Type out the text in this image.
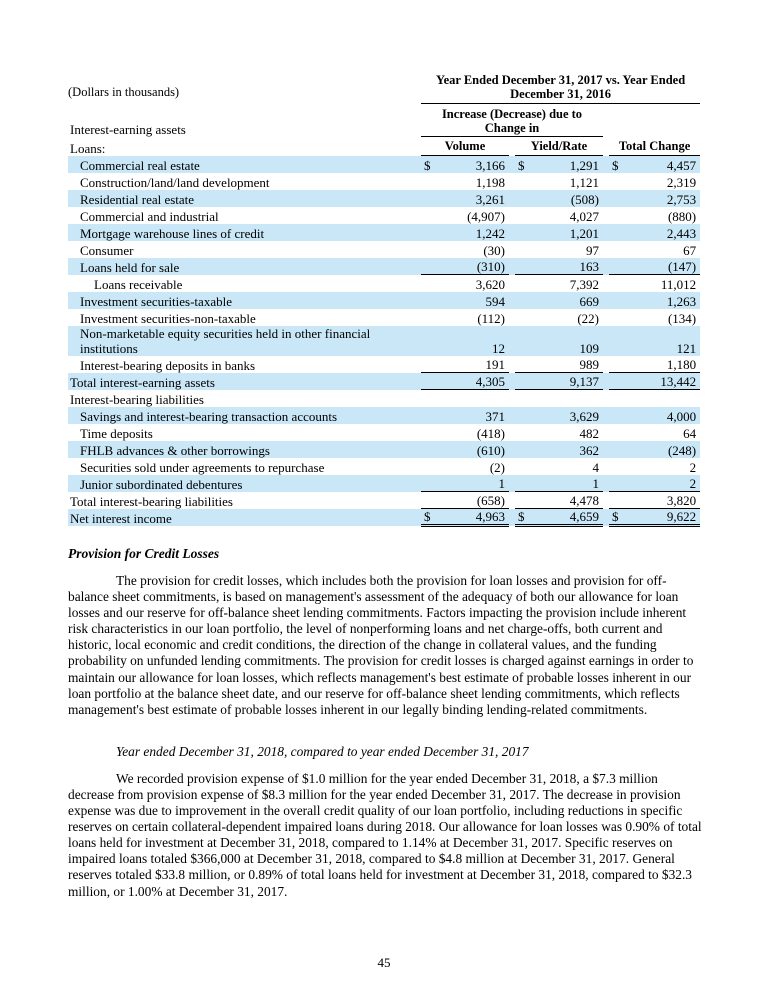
(Dollars in thousands)	Year Ended December 31, 2017 vs. Year Ended December 31, 2016							
Interest-earning assets	Increase (Decrease) due to Change in							
Loans:	Volume			Yield/Rate			Total Change	
Commercial real estate	$	3,166		$	1,291		$	4,457
Construction/land/land development		1,198			1,121			2,319
Residential real estate		3,261			(508)			2,753
Commercial and industrial		(4,907)			4,027			(880)
Mortgage warehouse lines of credit		1,242			1,201			2,443
Consumer		(30)			97			67
Loans held for sale		(310)			163			(147)
Loans receivable		3,620			7,392			11,012
Investment securities-taxable		594			669			1,263
Investment securities-non-taxable		(112)			(22)			(134)
Non-marketable equity securities held in other financial institutions		12			109			121
Interest-bearing deposits in banks		191			989			1,180
Total interest-earning assets		4,305			9,137			13,442
Interest-bearing liabilities								
Savings and interest-bearing transaction accounts		371			3,629			4,000
Time deposits		(418)			482			64
FHLB advances & other borrowings		(610)			362			(248)
Securities sold under agreements to repurchase		(2)			4			2
Junior subordinated debentures		1			1			2
Total interest-bearing liabilities		(658)			4,478			3,820
Net interest income	$	4,963		$	4,659		$	9,622
Provision for Credit Losses

The provision for credit losses, which includes both the provision for loan losses and provision for off-balance sheet commitments, is based on management's assessment of the adequacy of both our allowance for loan losses and our reserve for off-balance sheet lending commitments. Factors impacting the provision include inherent risk characteristics in our loan portfolio, the level of nonperforming loans and net charge-offs, both current and historic, local economic and credit conditions, the direction of the change in collateral values, and the funding probability on unfunded lending commitments. The provision for credit losses is charged against earnings in order to maintain our allowance for loan losses, which reflects management's best estimate of probable losses inherent in our loan portfolio at the balance sheet date, and our reserve for off-balance sheet lending commitments, which reflects management's best estimate of probable losses inherent in our legally binding lending-related commitments.

Year ended December 31, 2018, compared to year ended December 31, 2017

We recorded provision expense of $1.0 million for the year ended December 31, 2018, a $7.3 million decrease from provision expense of $8.3 million for the year ended December 31, 2017. The decrease in provision expense was due to improvement in the overall credit quality of our loan portfolio, including reductions in specific reserves on certain collateral-dependent impaired loans during 2018. Our allowance for loan losses was 0.90% of total loans held for investment at December 31, 2018, compared to 1.14% at December 31, 2017. Specific reserves on impaired loans totaled $366,000 at December 31, 2018, compared to $4.8 million at December 31, 2017. General reserves totaled $33.8 million, or 0.89% of total loans held for investment at December 31, 2018, compared to $32.3 million, or 1.00% at December 31, 2017.

45
